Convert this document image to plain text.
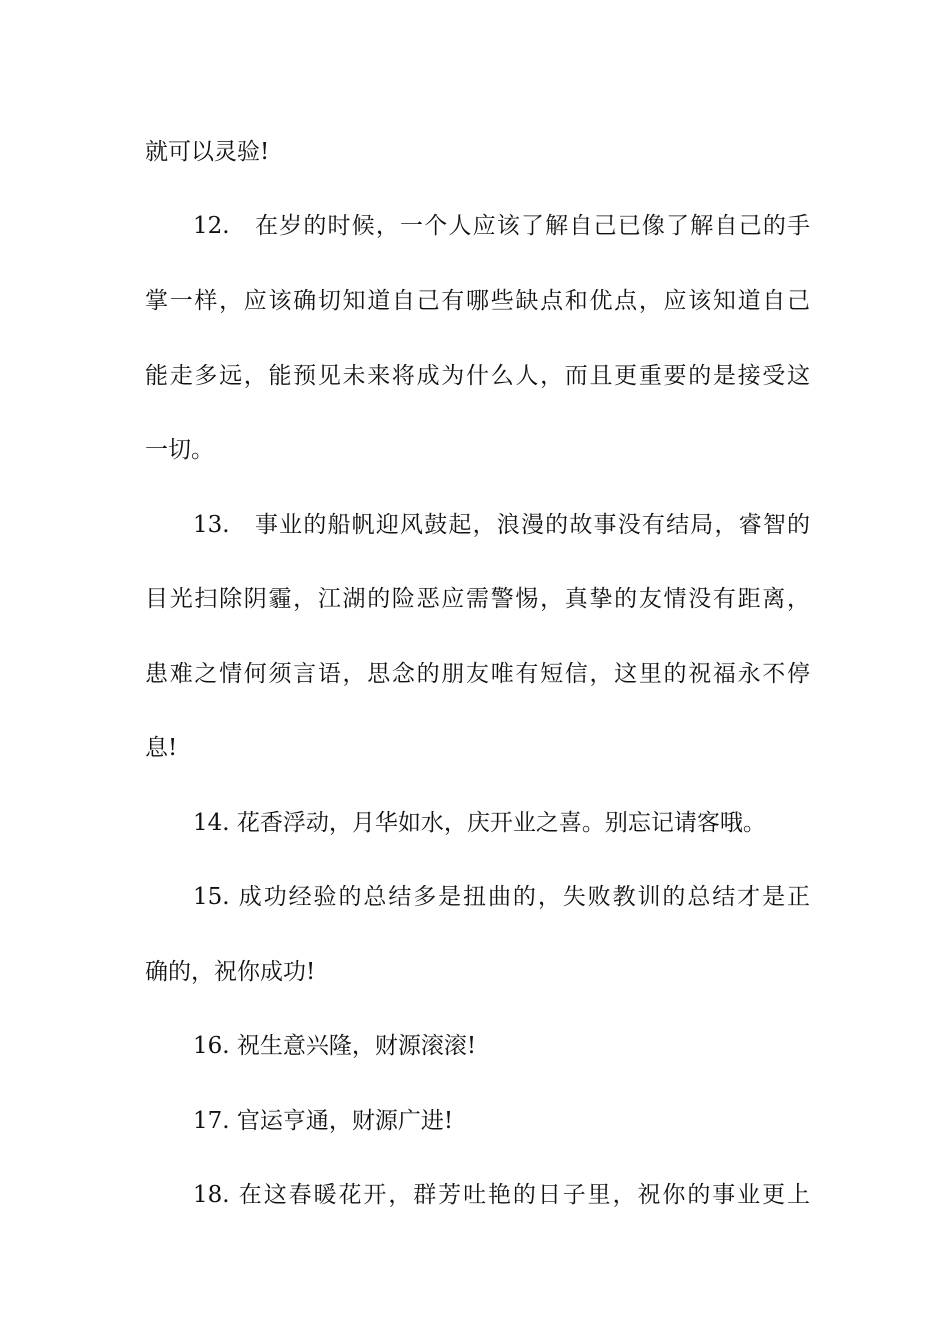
就可以灵验!
12.　在岁的时候，一个人应该了解自己已像了解自己的手
掌一样，应该确切知道自己有哪些缺点和优点，应该知道自己
能走多远，能预见未来将成为什么人，而且更重要的是接受这
一切。
13.　事业的船帆迎风鼓起，浪漫的故事没有结局，睿智的
目光扫除阴霾，江湖的险恶应需警惕，真挚的友情没有距离，
患难之情何须言语，思念的朋友唯有短信，这里的祝福永不停
息!
14. 花香浮动，月华如水，庆开业之喜。别忘记请客哦。
15. 成功经验的总结多是扭曲的，失败教训的总结才是正
确的，祝你成功!
16. 祝生意兴隆，财源滚滚!
17. 官运亨通，财源广进!
18. 在这春暖花开，群芳吐艳的日子里，祝你的事业更上
